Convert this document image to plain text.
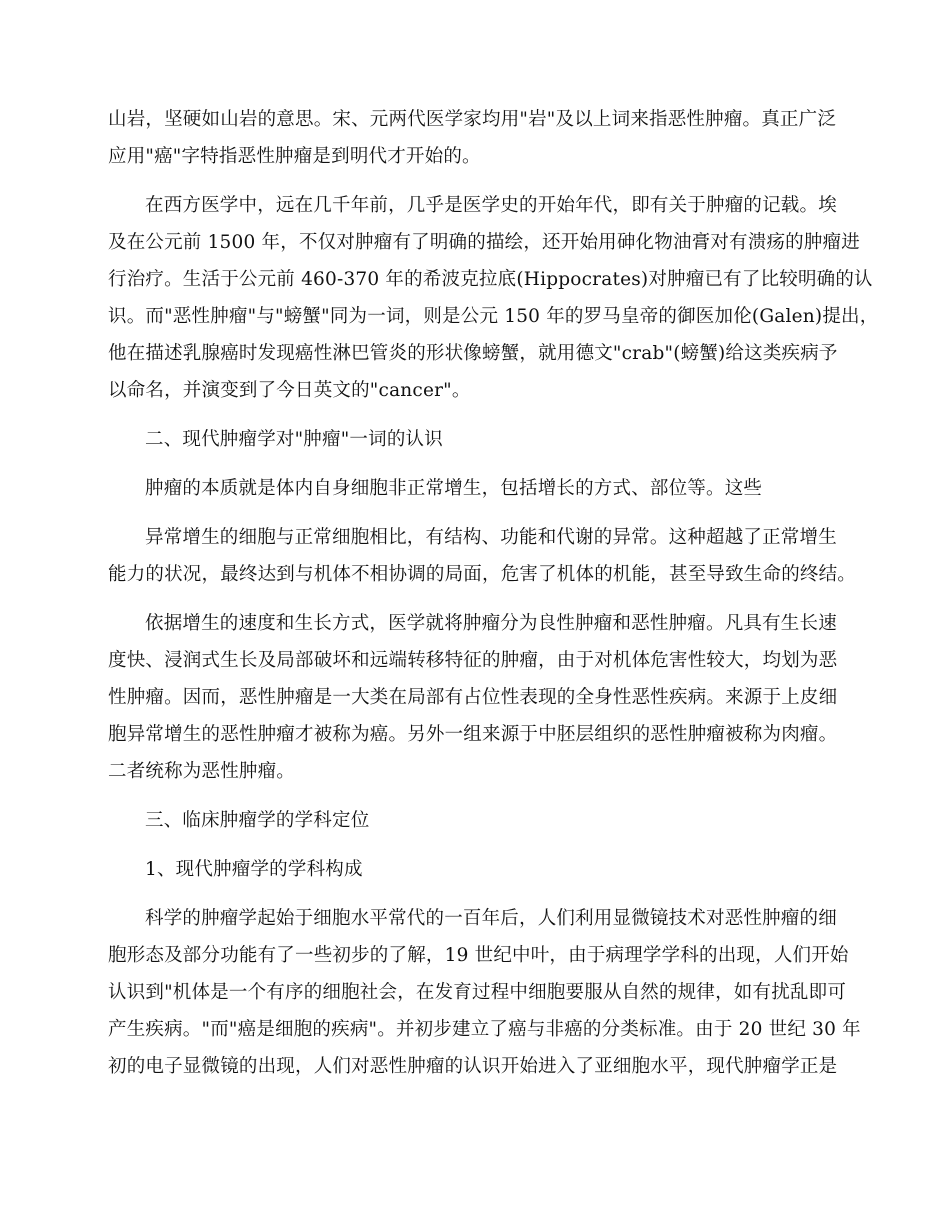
山岩，坚硬如山岩的意思。宋、元两代医学家均用"岩"及以上词来指恶性肿瘤。真正广泛
应用"癌"字特指恶性肿瘤是到明代才开始的。
在西方医学中，远在几千年前，几乎是医学史的开始年代，即有关于肿瘤的记载。埃
及在公元前 1500 年，不仅对肿瘤有了明确的描绘，还开始用砷化物油膏对有溃疡的肿瘤进
行治疗。生活于公元前 460-370 年的希波克拉底(Hippocrates)对肿瘤已有了比较明确的认
识。而"恶性肿瘤"与"螃蟹"同为一词，则是公元 150 年的罗马皇帝的御医加伦(Galen)提出，
他在描述乳腺癌时发现癌性淋巴管炎的形状像螃蟹，就用德文"crab"(螃蟹)给这类疾病予
以命名，并演变到了今日英文的"cancer"。
二、现代肿瘤学对"肿瘤"一词的认识
肿瘤的本质就是体内自身细胞非正常增生，包括增长的方式、部位等。这些
异常增生的细胞与正常细胞相比，有结构、功能和代谢的异常。这种超越了正常增生
能力的状况，最终达到与机体不相协调的局面，危害了机体的机能，甚至导致生命的终结。
依据增生的速度和生长方式，医学就将肿瘤分为良性肿瘤和恶性肿瘤。凡具有生长速
度快、浸润式生长及局部破坏和远端转移特征的肿瘤，由于对机体危害性较大，均划为恶
性肿瘤。因而，恶性肿瘤是一大类在局部有占位性表现的全身性恶性疾病。来源于上皮细
胞异常增生的恶性肿瘤才被称为癌。另外一组来源于中胚层组织的恶性肿瘤被称为肉瘤。
二者统称为恶性肿瘤。
三、临床肿瘤学的学科定位
1、现代肿瘤学的学科构成
科学的肿瘤学起始于细胞水平常代的一百年后，人们利用显微镜技术对恶性肿瘤的细
胞形态及部分功能有了一些初步的了解，19 世纪中叶，由于病理学学科的出现，人们开始
认识到"机体是一个有序的细胞社会，在发育过程中细胞要服从自然的规律，如有扰乱即可
产生疾病。"而"癌是细胞的疾病"。并初步建立了癌与非癌的分类标准。由于 20 世纪 30 年
初的电子显微镜的出现，人们对恶性肿瘤的认识开始进入了亚细胞水平，现代肿瘤学正是
